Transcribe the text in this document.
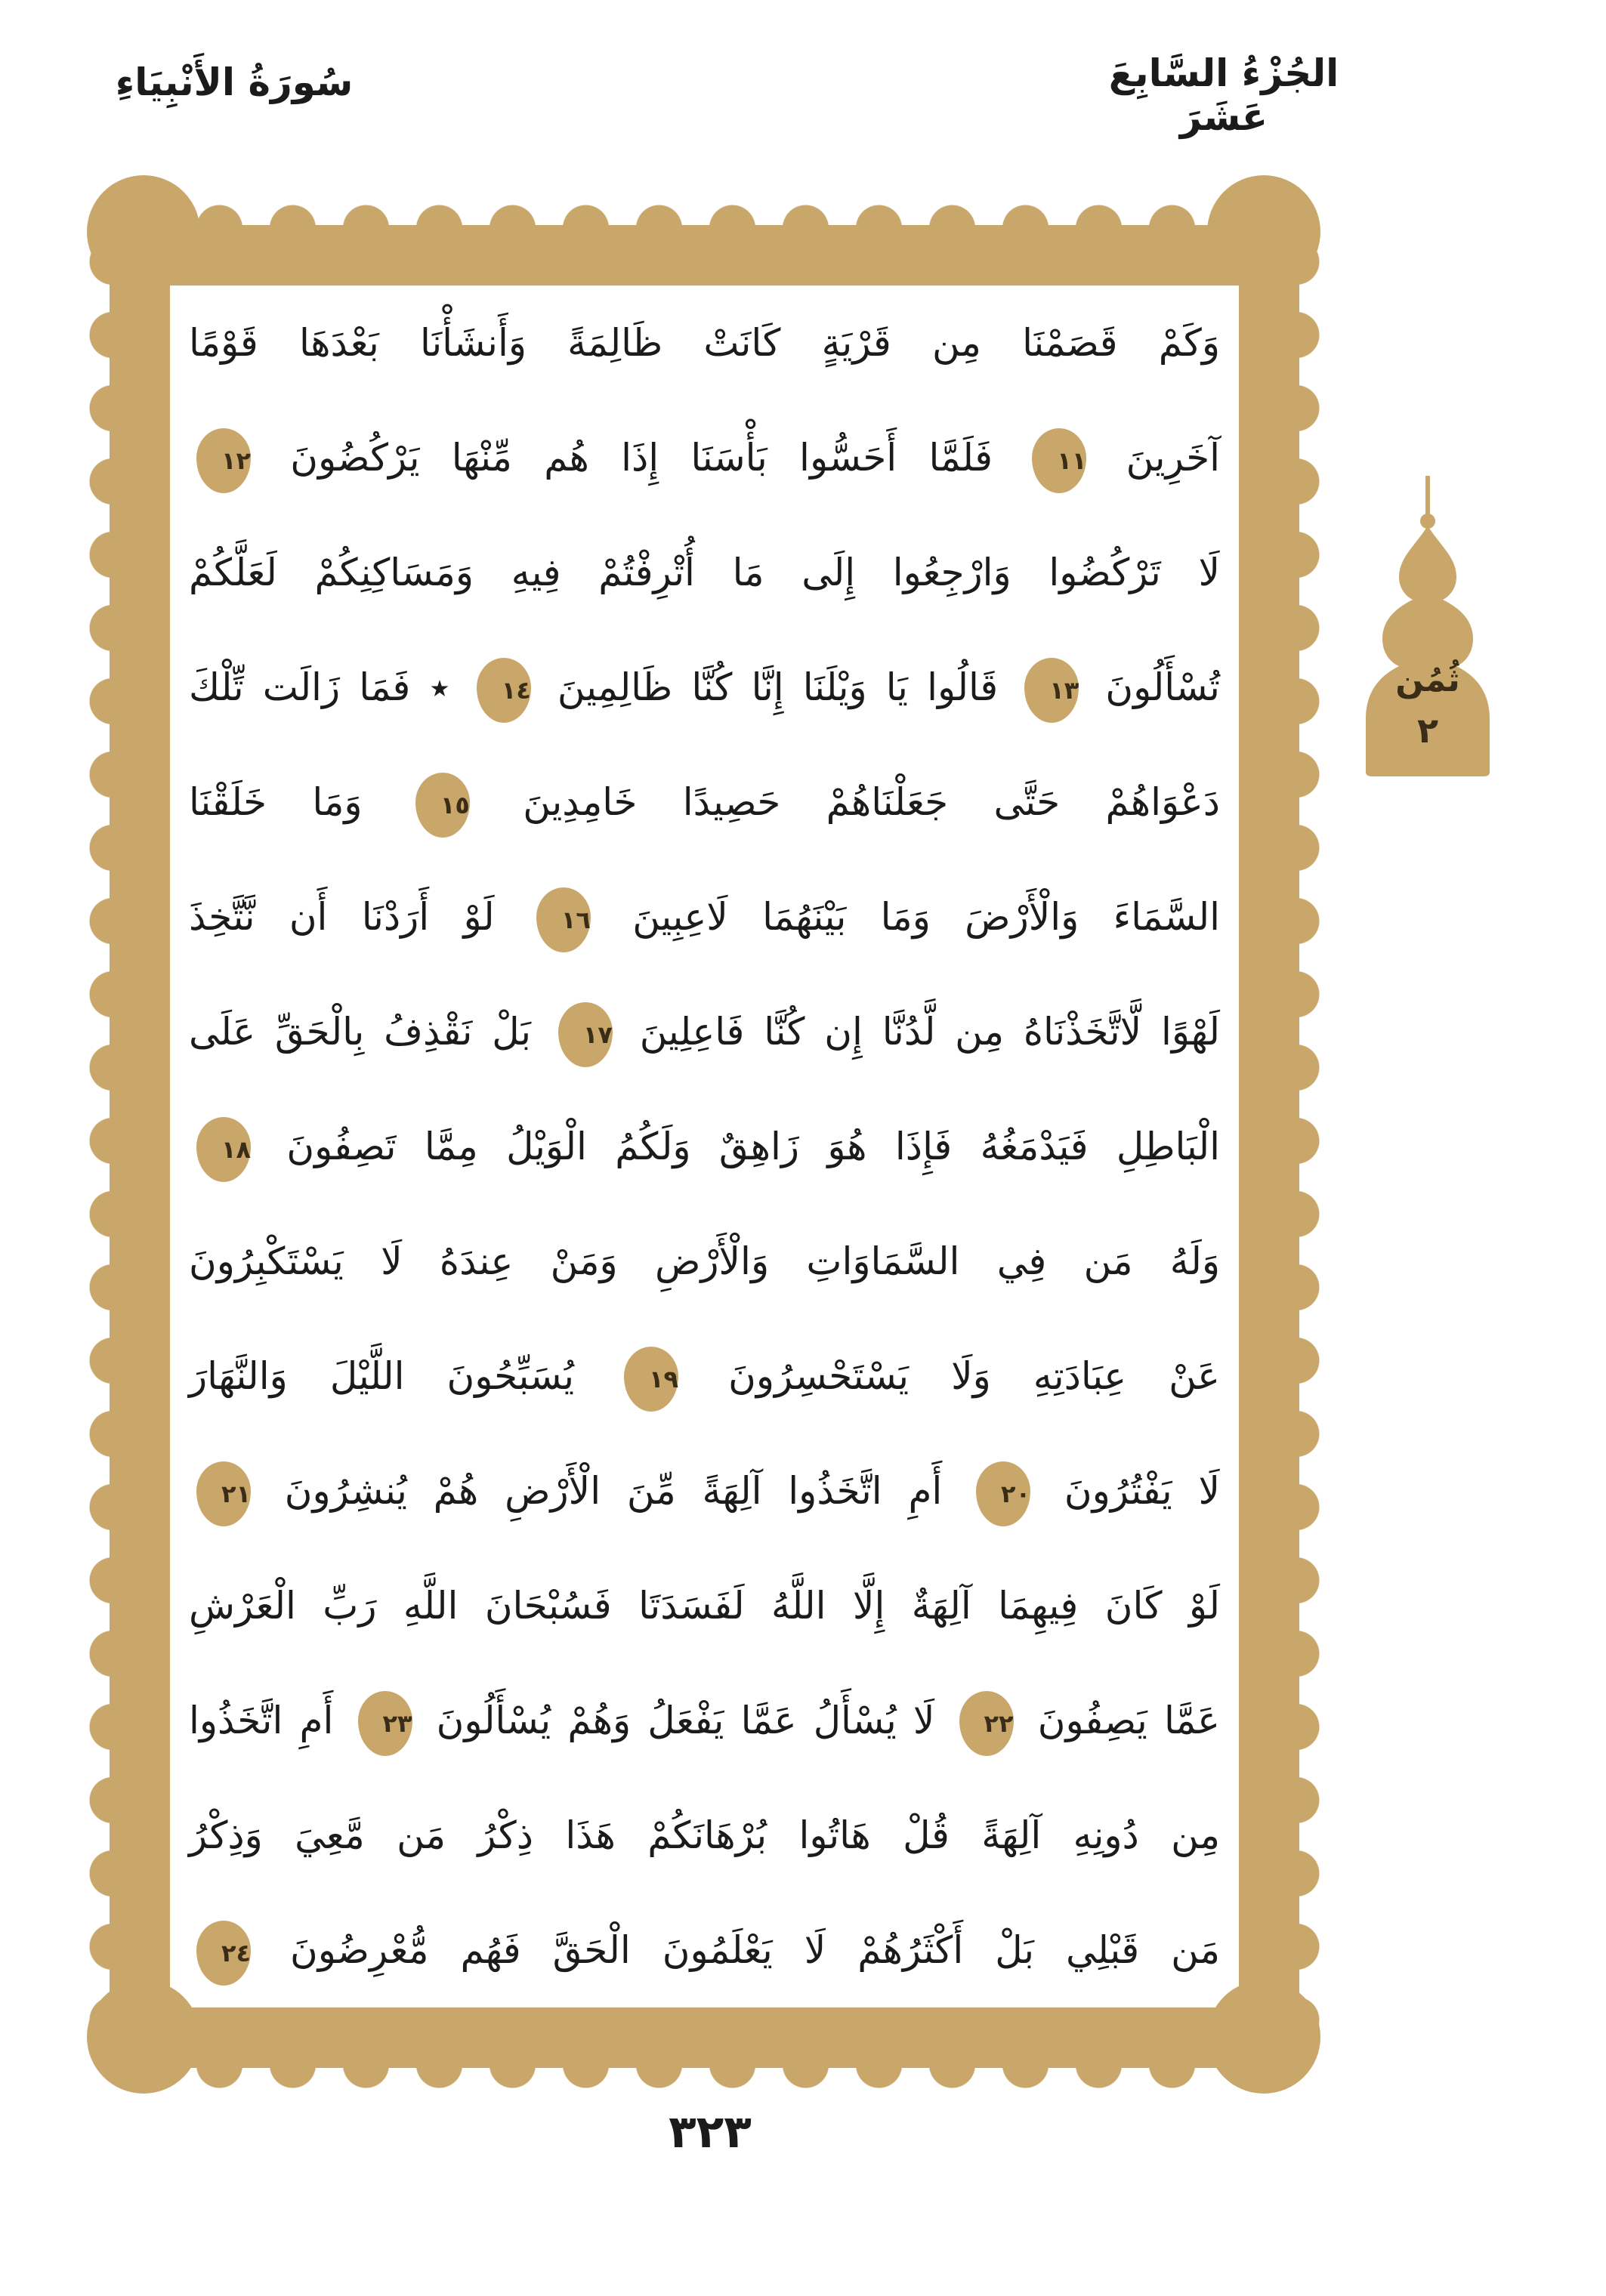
سُورَةُ الأَنْبِيَاءِ	الجُزْءُ السَّابِعَ عَشَرَ
وَكَمْ قَصَمْنَا مِن قَرْيَةٍ كَانَتْ ظَالِمَةً وَأَنشَأْنَا بَعْدَهَا قَوْمًا
آخَرِينَ ١١ فَلَمَّا أَحَسُّوا بَأْسَنَا إِذَا هُم مِّنْهَا يَرْكُضُونَ ١٢
لَا تَرْكُضُوا وَارْجِعُوا إِلَى مَا أُتْرِفْتُمْ فِيهِ وَمَسَاكِنِكُمْ لَعَلَّكُمْ
تُسْأَلُونَ ١٣ قَالُوا يَا وَيْلَنَا إِنَّا كُنَّا ظَالِمِينَ ١٤ ٭ فَمَا زَالَت تِّلْكَ
دَعْوَاهُمْ حَتَّى جَعَلْنَاهُمْ حَصِيدًا خَامِدِينَ ١٥ وَمَا خَلَقْنَا
السَّمَاءَ وَالْأَرْضَ وَمَا بَيْنَهُمَا لَاعِبِينَ ١٦ لَوْ أَرَدْنَا أَن نَّتَّخِذَ
لَهْوًا لَّاتَّخَذْنَاهُ مِن لَّدُنَّا إِن كُنَّا فَاعِلِينَ ١٧ بَلْ نَقْذِفُ بِالْحَقِّ عَلَى
الْبَاطِلِ فَيَدْمَغُهُ فَإِذَا هُوَ زَاهِقٌ وَلَكُمُ الْوَيْلُ مِمَّا تَصِفُونَ ١٨
وَلَهُ مَن فِي السَّمَاوَاتِ وَالْأَرْضِ وَمَنْ عِندَهُ لَا يَسْتَكْبِرُونَ
عَنْ عِبَادَتِهِ وَلَا يَسْتَحْسِرُونَ ١٩ يُسَبِّحُونَ اللَّيْلَ وَالنَّهَارَ
لَا يَفْتُرُونَ ٢٠ أَمِ اتَّخَذُوا آلِهَةً مِّنَ الْأَرْضِ هُمْ يُنشِرُونَ ٢١
لَوْ كَانَ فِيهِمَا آلِهَةٌ إِلَّا اللَّهُ لَفَسَدَتَا فَسُبْحَانَ اللَّهِ رَبِّ الْعَرْشِ
عَمَّا يَصِفُونَ ٢٢ لَا يُسْأَلُ عَمَّا يَفْعَلُ وَهُمْ يُسْأَلُونَ ٢٣ أَمِ اتَّخَذُوا
مِن دُونِهِ آلِهَةً قُلْ هَاتُوا بُرْهَانَكُمْ هَذَا ذِكْرُ مَن مَّعِيَ وَذِكْرُ
مَن قَبْلِي بَلْ أَكْثَرُهُمْ لَا يَعْلَمُونَ الْحَقَّ فَهُم مُّعْرِضُونَ ٢٤
ثُمُن
٢
٣٢٣
